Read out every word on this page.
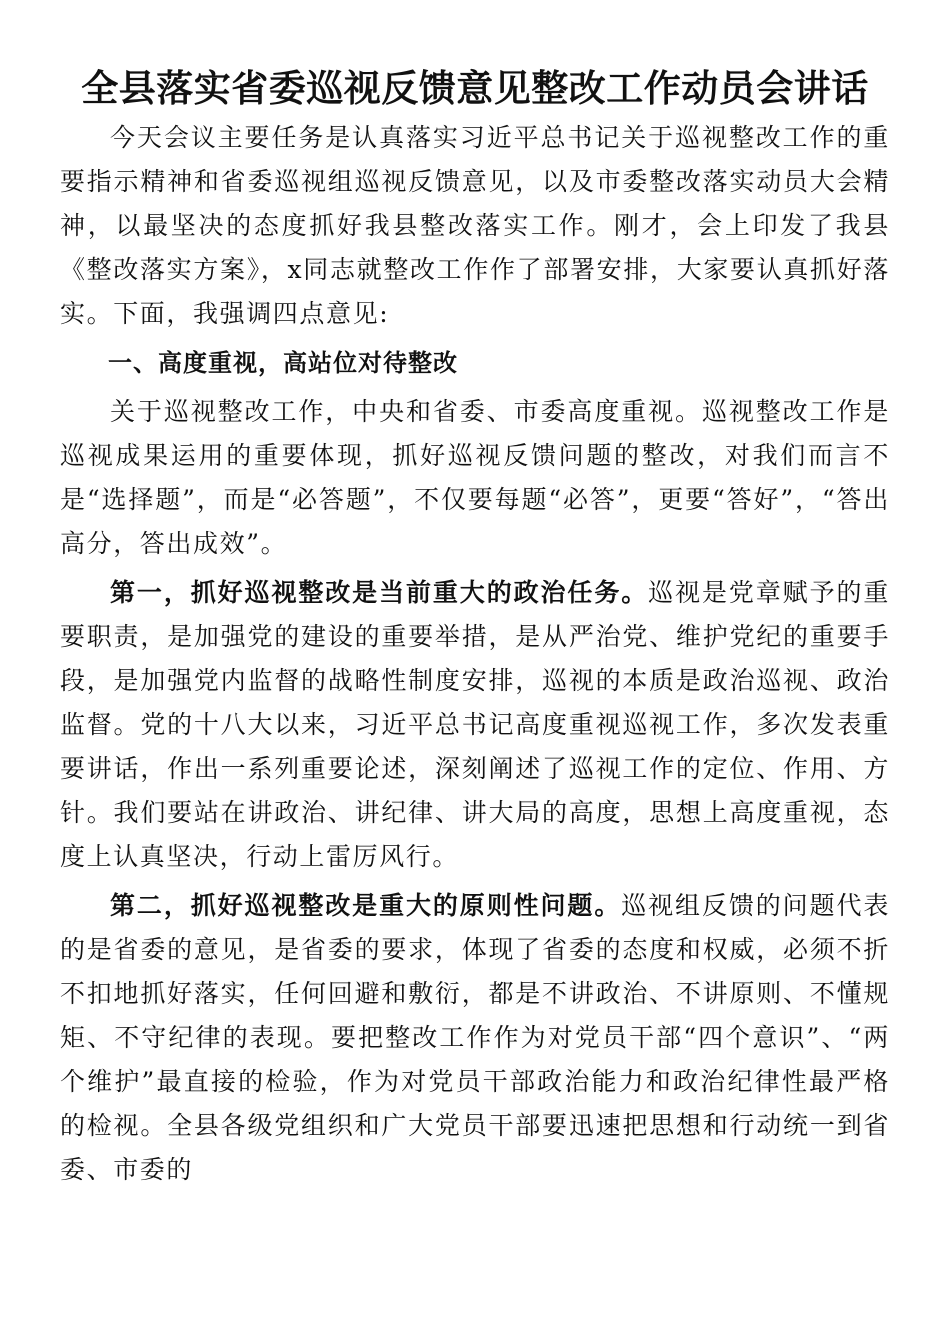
全县落实省委巡视反馈意见整改工作动员会讲话

今天会议主要任务是认真落实习近平总书记关于巡视整改工作的重要指示精神和省委巡视组巡视反馈意见，以及市委整改落实动员大会精神，以最坚决的态度抓好我县整改落实工作。刚才，会上印发了我县《整改落实方案》，x同志就整改工作作了部署安排，大家要认真抓好落实。下面，我强调四点意见:

一、高度重视，高站位对待整改

关于巡视整改工作，中央和省委、市委高度重视。巡视整改工作是巡视成果运用的重要体现，抓好巡视反馈问题的整改，对我们而言不是“选择题”，而是“必答题”，不仅要每题“必答”，更要“答好”，“答出高分，答出成效”。

第一，抓好巡视整改是当前重大的政治任务。巡视是党章赋予的重要职责，是加强党的建设的重要举措，是从严治党、维护党纪的重要手段，是加强党内监督的战略性制度安排，巡视的本质是政治巡视、政治监督。党的十八大以来，习近平总书记高度重视巡视工作，多次发表重要讲话，作出一系列重要论述，深刻阐述了巡视工作的定位、作用、方针。我们要站在讲政治、讲纪律、讲大局的高度，思想上高度重视，态度上认真坚决，行动上雷厉风行。

第二，抓好巡视整改是重大的原则性问题。巡视组反馈的问题代表的是省委的意见，是省委的要求，体现了省委的态度和权威，必须不折不扣地抓好落实，任何回避和敷衍，都是不讲政治、不讲原则、不懂规矩、不守纪律的表现。要把整改工作作为对党员干部“四个意识”、“两个维护”最直接的检验，作为对党员干部政治能力和政治纪律性最严格的检视。全县各级党组织和广大党员干部要迅速把思想和行动统一到省委、市委的
